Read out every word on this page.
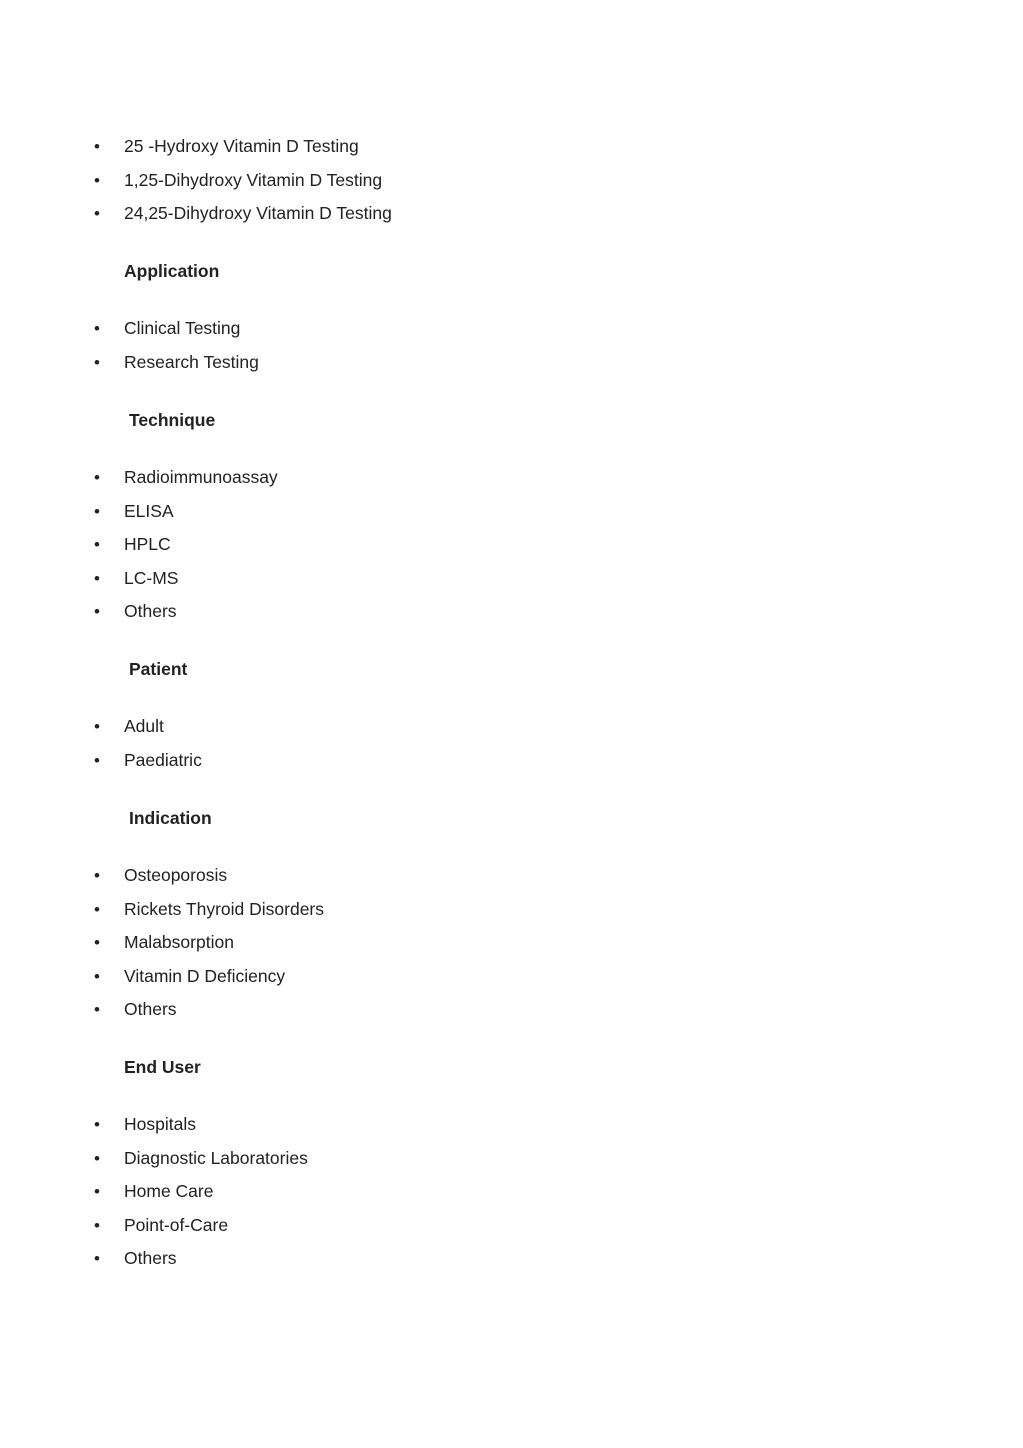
• 25 -Hydroxy Vitamin D Testing
• 1,25-Dihydroxy Vitamin D Testing
• 24,25-Dihydroxy Vitamin D Testing
Application
• Clinical Testing
• Research Testing
Technique
• Radioimmunoassay
• ELISA
• HPLC
• LC-MS
• Others
Patient
• Adult
• Paediatric
Indication
• Osteoporosis
• Rickets Thyroid Disorders
• Malabsorption
• Vitamin D Deficiency
• Others
End User
• Hospitals
• Diagnostic Laboratories
• Home Care
• Point-of-Care
• Others
